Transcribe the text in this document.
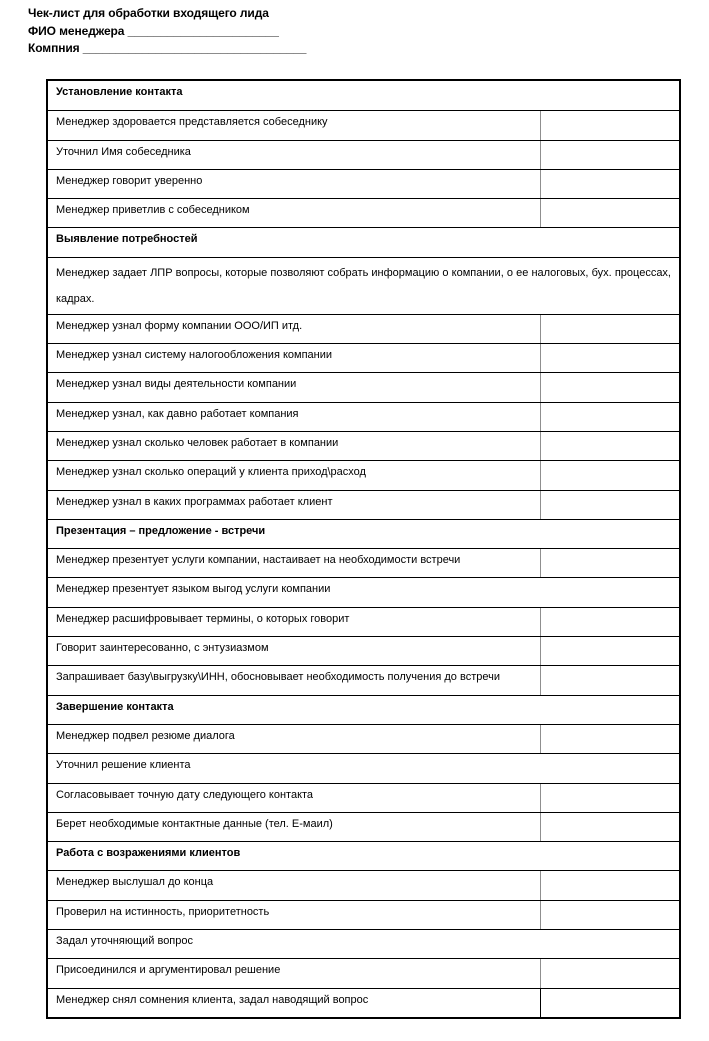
Чек-лист для обработки входящего лида
ФИО менеджера _______________________
Компния __________________________________
Установление контакта
Менеджер здоровается представляется собеседнику
Уточнил Имя собеседника
Менеджер говорит уверенно
Менеджер приветлив с собеседником
Выявление потребностей
Менеджер задает ЛПР вопросы, которые позволяют собрать информацию о компании, о ее налоговых, бух. процессах, кадрах.
Менеджер узнал форму компании ООО/ИП итд.
Менеджер узнал систему налогообложения компании
Менеджер узнал виды деятельности компании
Менеджер узнал, как давно работает компания
Менеджер узнал сколько человек работает в компании
Менеджер узнал сколько операций у клиента приход\расход
Менеджер узнал в каких программах работает клиент
Презентация – предложение - встречи
Менеджер презентует услуги компании, настаивает на необходимости встречи
Менеджер презентует языком выгод услуги компании
Менеджер расшифровывает термины, о которых говорит
Говорит заинтересованно, с энтузиазмом
Запрашивает базу\выгрузку\ИНН, обосновывает необходимость получения до встречи
Завершение контакта
Менеджер подвел резюме диалога
Уточнил решение клиента
Согласовывает точную дату следующего контакта
Берет необходимые контактные данные (тел. Е-маил)
Работа с возражениями клиентов
Менеджер выслушал до конца
Проверил на истинность, приоритетность
Задал уточняющий вопрос
Присоединился и аргументировал решение
Менеджер снял сомнения клиента, задал наводящий вопрос
